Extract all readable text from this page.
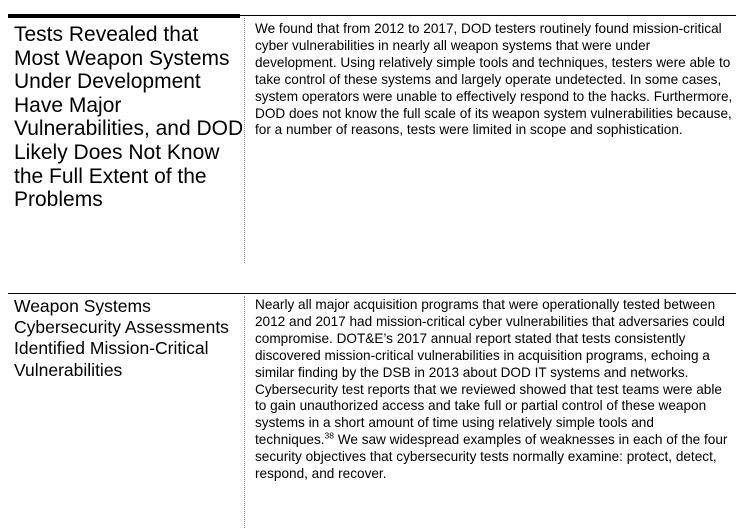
Tests Revealed that Most Weapon Systems Under Development Have Major Vulnerabilities, and DOD Likely Does Not Know the Full Extent of the Problems

We found that from 2012 to 2017, DOD testers routinely found mission-critical cyber vulnerabilities in nearly all weapon systems that were under development. Using relatively simple tools and techniques, testers were able to take control of these systems and largely operate undetected. In some cases, system operators were unable to effectively respond to the hacks. Furthermore, DOD does not know the full scale of its weapon system vulnerabilities because, for a number of reasons, tests were limited in scope and sophistication.

Weapon Systems Cybersecurity Assessments Identified Mission-Critical Vulnerabilities

Nearly all major acquisition programs that were operationally tested between 2012 and 2017 had mission-critical cyber vulnerabilities that adversaries could compromise. DOT&E’s 2017 annual report stated that tests consistently discovered mission-critical vulnerabilities in acquisition programs, echoing a similar finding by the DSB in 2013 about DOD IT systems and networks. Cybersecurity test reports that we reviewed showed that test teams were able to gain unauthorized access and take full or partial control of these weapon systems in a short amount of time using relatively simple tools and techniques.$^{38}$ We saw widespread examples of weaknesses in each of the four security objectives that cybersecurity tests normally examine: protect, detect, respond, and recover.
